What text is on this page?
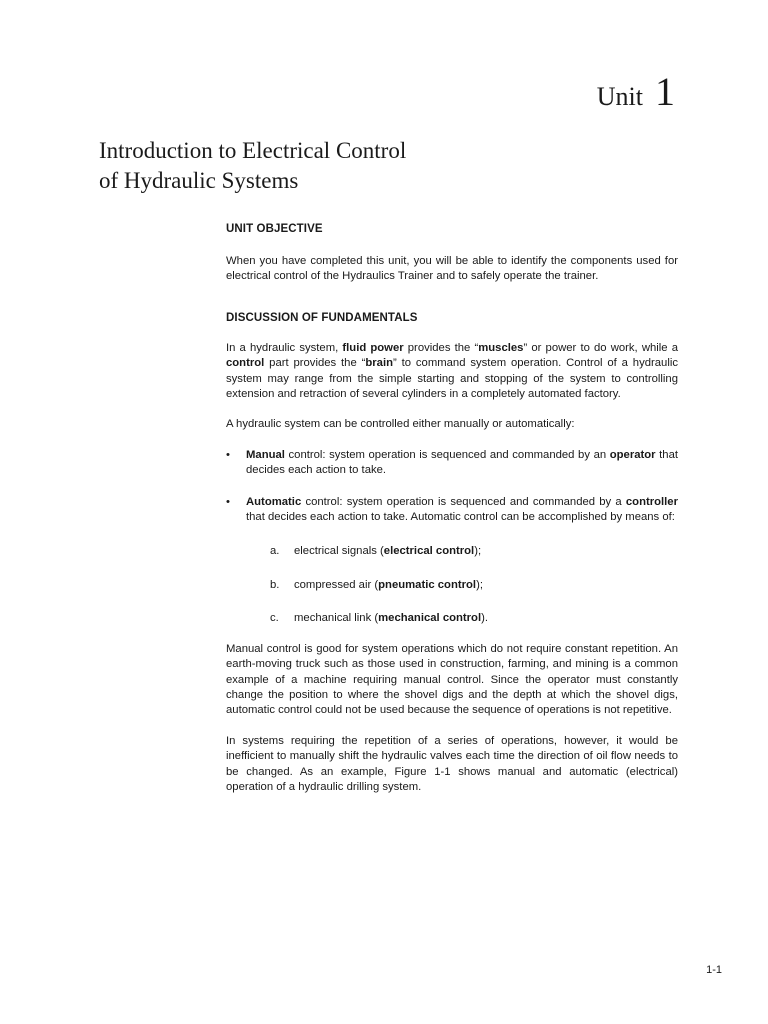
Unit 1
Introduction to Electrical Control
of Hydraulic Systems
UNIT OBJECTIVE

When you have completed this unit, you will be able to identify the components used for electrical control of the Hydraulics Trainer and to safely operate the trainer.

DISCUSSION OF FUNDAMENTALS

In a hydraulic system, fluid power provides the “muscles” or power to do work, while a control part provides the “brain” to command system operation. Control of a hydraulic system may range from the simple starting and stopping of the system to controlling extension and retraction of several cylinders in a completely automated factory.

A hydraulic system can be controlled either manually or automatically:

•	Manual control: system operation is sequenced and commanded by an operator that decides each action to take.
•	Automatic control: system operation is sequenced and commanded by a controller that decides each action to take. Automatic control can be accomplished by means of:
a. electrical signals (electrical control);
b. compressed air (pneumatic control);
c. mechanical link (mechanical control).

Manual control is good for system operations which do not require constant repetition. An earth-moving truck such as those used in construction, farming, and mining is a common example of a machine requiring manual control. Since the operator must constantly change the position to where the shovel digs and the depth at which the shovel digs, automatic control could not be used because the sequence of operations is not repetitive.

In systems requiring the repetition of a series of operations, however, it would be inefficient to manually shift the hydraulic valves each time the direction of oil flow needs to be changed. As an example, Figure 1-1 shows manual and automatic (electrical) operation of a hydraulic drilling system.

1-1
